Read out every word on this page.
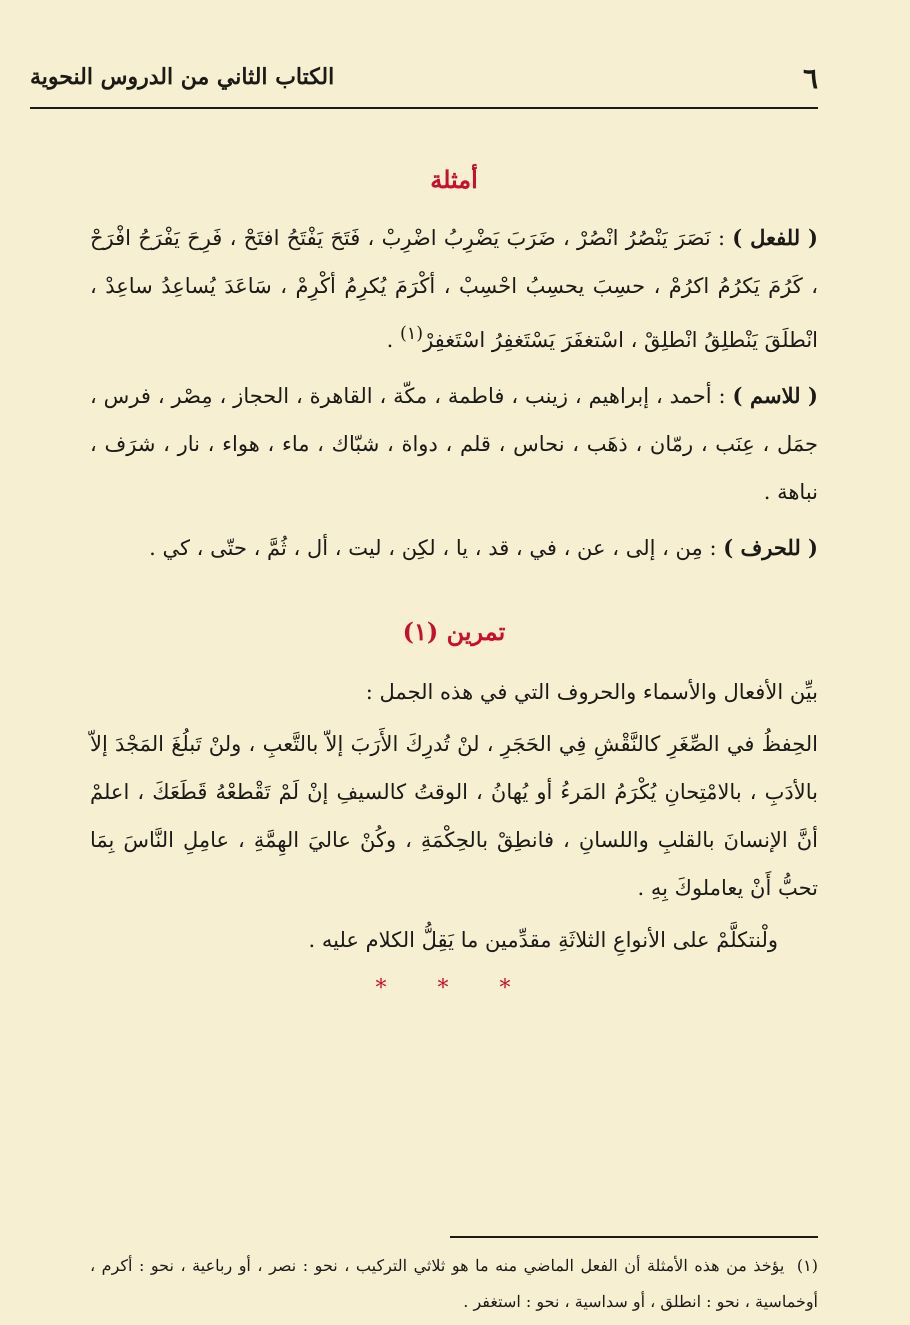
٦
الكتاب الثاني من الدروس النحوية
أمثلة

( للفعل ) : نَصَرَ يَنْصُرُ انْصُرْ ، ضَرَبَ يَضْرِبُ اضْرِبْ ، فَتَحَ يَفْتَحُ افتَحْ ، فَرِحَ يَفْرَحُ افْرَحْ ، كَرُمَ يَكرُمُ اكرُمْ ، حسِبَ يحسِبُ احْسِبْ ، أكْرَمَ يُكرِمُ أكْرِمْ ، سَاعَدَ يُساعِدُ ساعِدْ ، انْطلَقَ يَنْطلِقُ انْطلِقْ ، اسْتغفَرَ يَسْتَغفِرُ اسْتَغفِرْ$^{(١)}$ .

( للاسم ) : أحمد ، إبراهيم ، زينب ، فاطمة ، مكّة ، القاهرة ، الحجاز ، مِصْر ، فرس ، جمَل ، عِنَب ، رمّان ، ذهَب ، نحاس ، قلم ، دواة ، شبّاك ، ماء ، هواء ، نار ، شرَف ، نباهة .

( للحرف ) : مِن ، إلى ، عن ، في ، قد ، يا ، لكِن ، ليت ، أل ، ثُمَّ ، حتّى ، كي .

تمرين (١)

بيِّن الأفعال والأسماء والحروف التي في هذه الجمل :

الحِفظُ في الصِّغَرِ كالنَّقْشِ فِي الحَجَرِ ، لنْ تُدرِكَ الأَرَبَ إلاّ بالتَّعبِ ، ولنْ تَبلُغَ المَجْدَ إلاّ بالأدَبِ ، بالامْتِحانِ يُكْرَمُ المَرءُ أو يُهانُ ، الوقتُ كالسيفِ إنْ لَمْ تَقْطعْهُ قَطَعَكَ ، اعلمْ أنَّ الإنسانَ بالقلبِ واللسانِ ، فانطِقْ بالحِكْمَةِ ، وكُنْ عاليَ الهِمَّةِ ، عامِلِ النَّاسَ بِمَا تحبُّ أَنْ يعاملوكَ بِهِ .

ولْنتكلَّمْ على الأنواعِ الثلاثَةِ مقدِّمين ما يَقِلُّ الكلام عليه .

* * *
(١) يؤخذ من هذه الأمثلة أن الفعل الماضي منه ما هو ثلاثي التركيب ، نحو : نصر ، أو رباعية ، نحو : أكرم ، أوخماسية ، نحو : انطلق ، أو سداسية ، نحو : استغفر .
